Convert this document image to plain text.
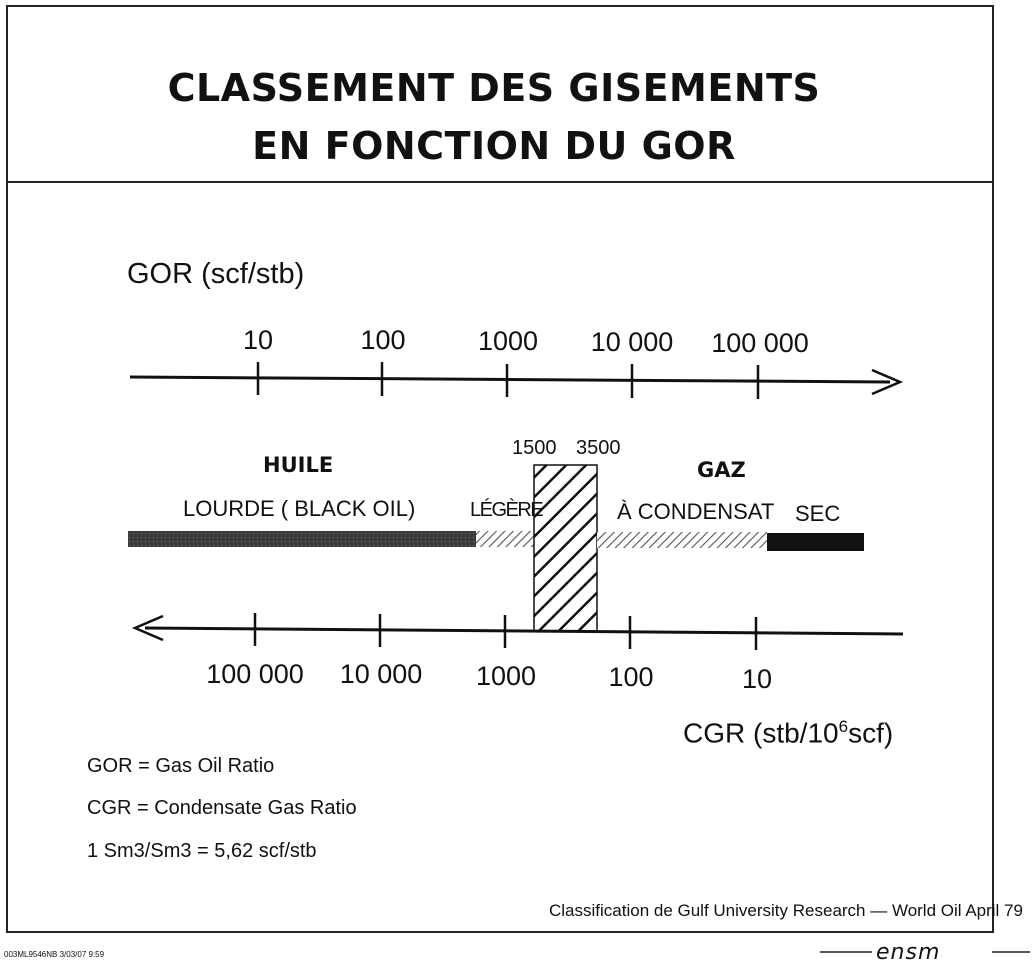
CLASSEMENT DES GISEMENTS
EN FONCTION DU GOR
GOR (scf/stb)
10	100	1000 10 000 100 000
HUILE	GAZ
LOURDE ( BLACK OIL)	LÉGÈRE	À CONDENSAT SEC
1500 3500
100 000 10 000 1000	100	10
CGR $(stb/10^6scf)$
GOR = Gas Oil Ratio
CGR = Condensate Gas Ratio
1 Sm3/Sm3 = 5,62 scf/stb
Classification de Gulf University Research — World Oil April 79
003ML9546NB 3/03/07 9:59	ensm
